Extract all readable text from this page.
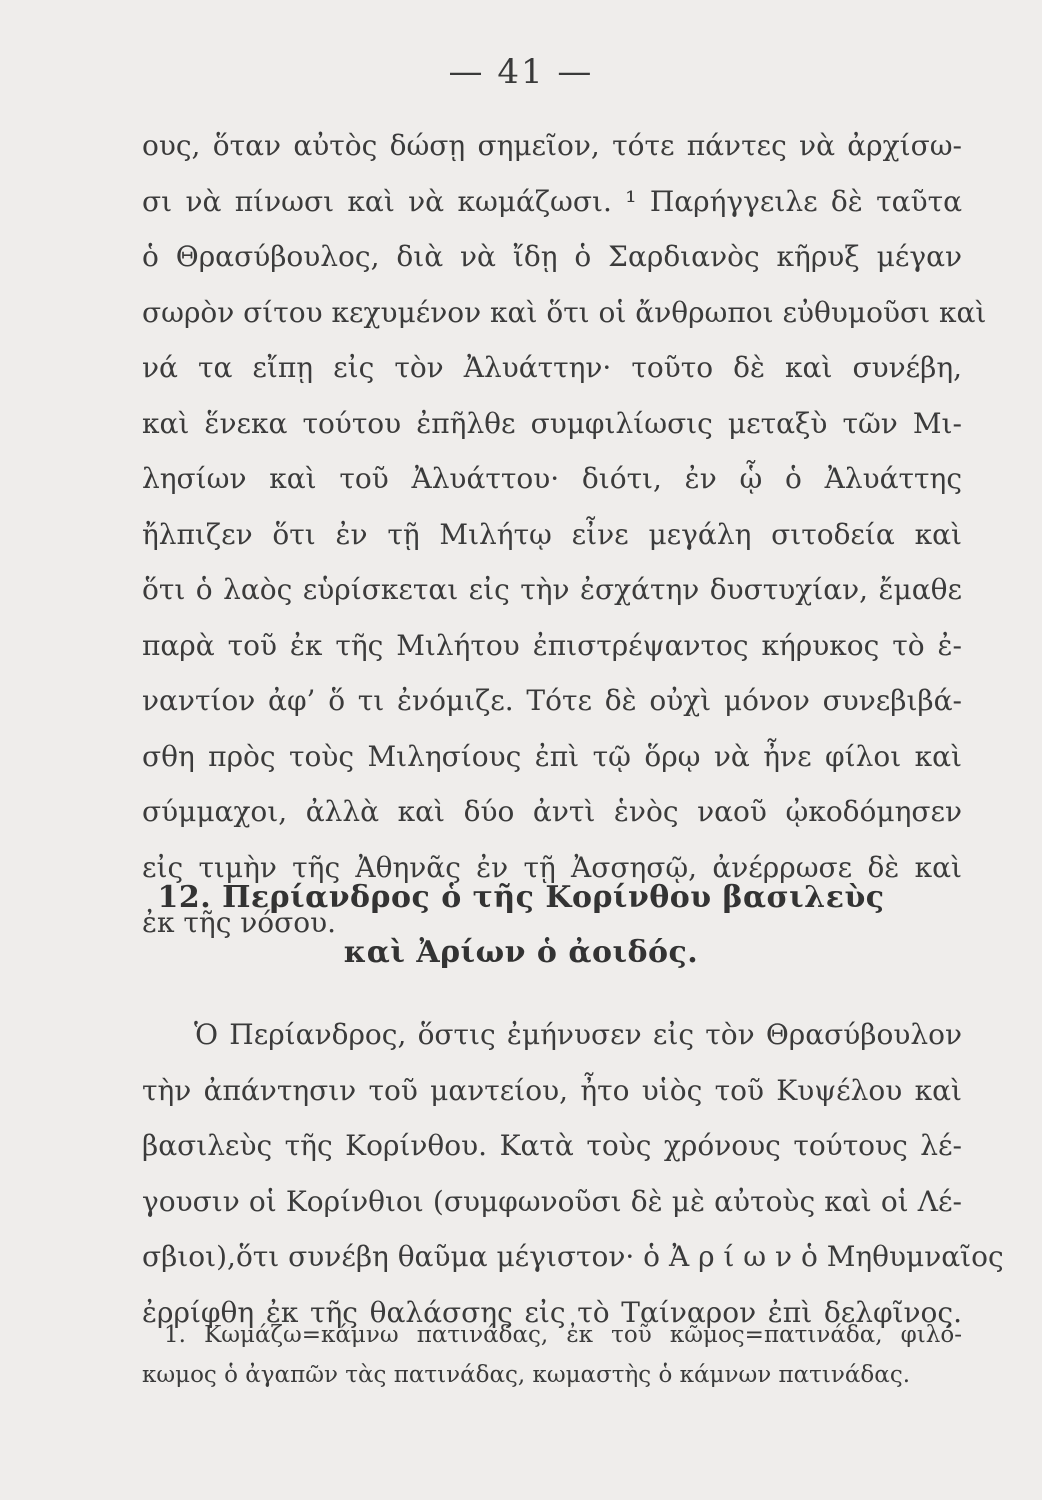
— 41 —
ους, ὅταν αὐτὸς δώσῃ σημεῖον, τότε πάντες νὰ ἀρχίσω-
σι νὰ πίνωσι καὶ νὰ κωμάζωσι. ¹ Παρήγγειλε δὲ ταῦτα
ὁ Θρασύβουλος, διὰ νὰ ἴδῃ ὁ Σαρδιανὸς κῆρυξ μέγαν
σωρὸν σίτου κεχυμένον καὶ ὅτι οἱ ἄνθρωποι εὐθυμοῦσι καὶ
νά τα εἴπῃ εἰς τὸν Ἀλυάττην· τοῦτο δὲ καὶ συνέβη,
καὶ ἕνεκα τούτου ἐπῆλθε συμφιλίωσις μεταξὺ τῶν Μι-
λησίων καὶ τοῦ Ἀλυάττου· διότι, ἐν ᾧ ὁ Ἀλυάττης
ἤλπιζεν ὅτι ἐν τῇ Μιλήτῳ εἶνε μεγάλη σιτοδεία καὶ
ὅτι ὁ λαὸς εὑρίσκεται εἰς τὴν ἐσχάτην δυστυχίαν, ἔμαθε
παρὰ τοῦ ἐκ τῆς Μιλήτου ἐπιστρέψαντος κήρυκος τὸ ἐ-
ναντίον ἀφ’ ὅ τι ἐνόμιζε. Τότε δὲ οὐχὶ μόνον συνεβιβά-
σθη πρὸς τοὺς Μιλησίους ἐπὶ τῷ ὅρῳ νὰ ἦνε φίλοι καὶ
σύμμαχοι, ἀλλὰ καὶ δύο ἀντὶ ἑνὸς ναοῦ ᾠκοδόμησεν
εἰς τιμὴν τῆς Ἀθηνᾶς ἐν τῇ Ἀσσησῷ, ἀνέρρωσε δὲ καὶ
ἐκ τῆς νόσου.
12. Περίανδρος ὁ τῆς Κορίνθου βασιλεὺς
καὶ Ἀρίων ὁ ἀοιδός.
Ὁ Περίανδρος, ὅστις ἐμήνυσεν εἰς τὸν Θρασύβουλον
τὴν ἀπάντησιν τοῦ μαντείου, ἦτο υἱὸς τοῦ Κυψέλου καὶ
βασιλεὺς τῆς Κορίνθου. Κατὰ τοὺς χρόνους τούτους λέ-
γουσιν οἱ Κορίνθιοι (συμφωνοῦσι δὲ μὲ αὐτοὺς καὶ οἱ Λέ-
σβιοι),ὅτι συνέβη θαῦμα μέγιστον· ὁ Ἀ ρ ί ω ν ὁ Μηθυμναῖος
ἐρρίφθη ἐκ τῆς θαλάσσης εἰς τὸ Ταίναρον ἐπὶ δελφῖνος.
1. Κωμάζω=κάμνω πατινάδας, ἐκ τοῦ κῶμος=πατινάδα, φιλό-
κωμος ὁ ἀγαπῶν τὰς πατινάδας, κωμαστὴς ὁ κάμνων πατινάδας.
